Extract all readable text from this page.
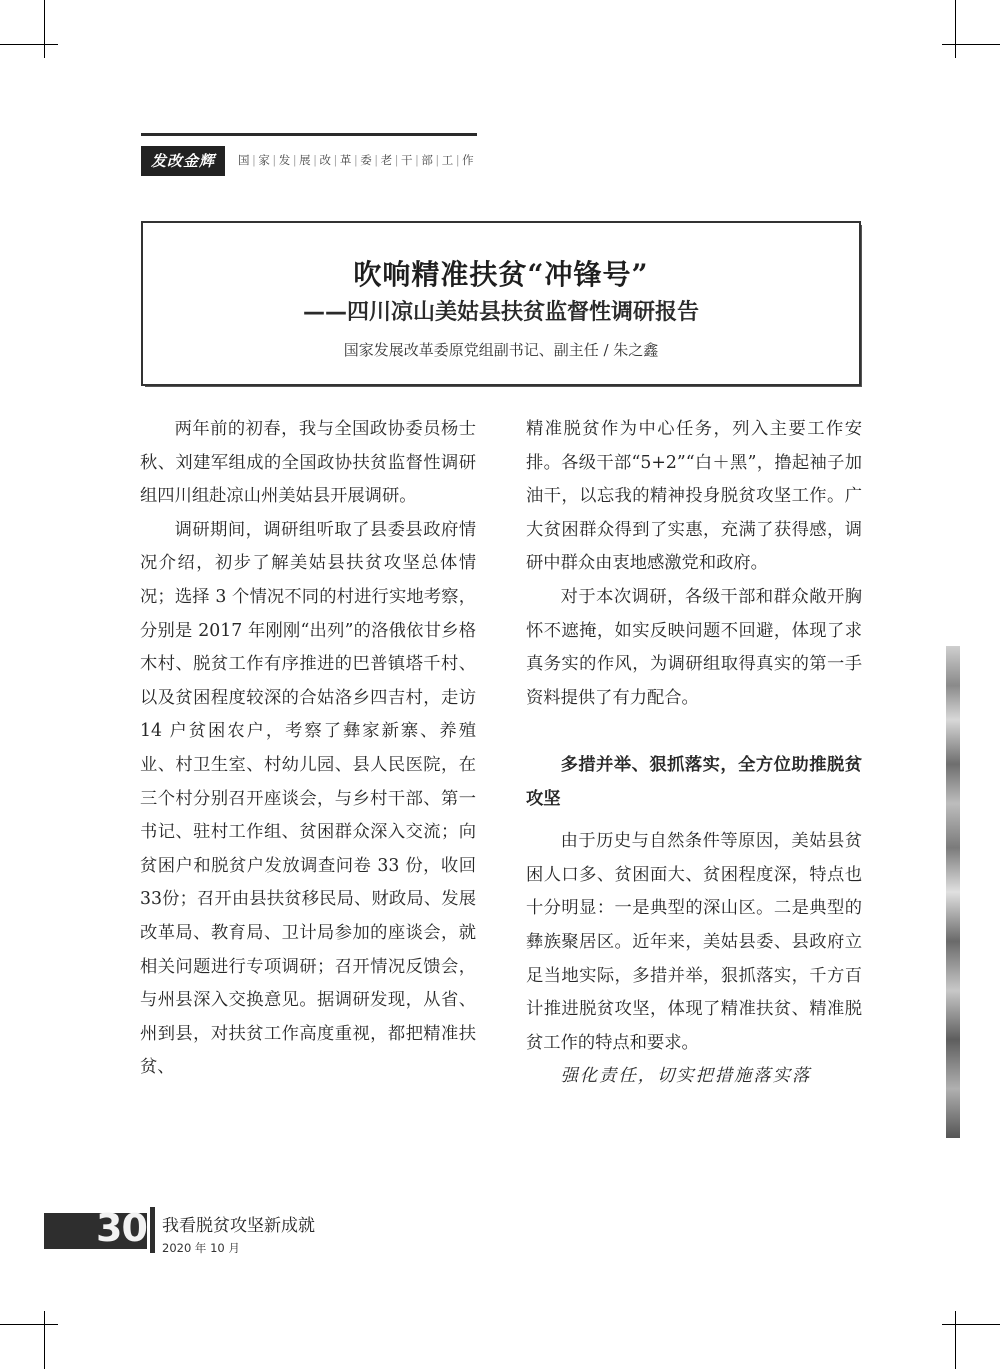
发改金辉	国 | 家 | 发 | 展 | 改 | 革 | 委 | 老 | 干 | 部 | 工 | 作
吹响精准扶贫“冲锋号”
——四川凉山美姑县扶贫监督性调研报告
国家发展改革委原党组副书记、副主任 / 朱之鑫

两年前的初春，我与全国政协委员杨士秋、刘建军组成的全国政协扶贫监督性调研组四川组赴凉山州美姑县开展调研。

调研期间，调研组听取了县委县政府情况介绍，初步了解美姑县扶贫攻坚总体情况；选择 3 个情况不同的村进行实地考察，分别是 2017 年刚刚“出列”的洛俄依甘乡格木村、脱贫工作有序推进的巴普镇塔千村、以及贫困程度较深的合姑洛乡四吉村，走访 14 户贫困农户，考察了彝家新寨、养殖业、村卫生室、村幼儿园、县人民医院，在三个村分别召开座谈会，与乡村干部、第一书记、驻村工作组、贫困群众深入交流；向贫困户和脱贫户发放调查问卷 33 份，收回 33份；召开由县扶贫移民局、财政局、发展改革局、教育局、卫计局参加的座谈会，就相关问题进行专项调研；召开情况反馈会，与州县深入交换意见。据调研发现，从省、州到县，对扶贫工作高度重视，都把精准扶贫、

精准脱贫作为中心任务，列入主要工作安排。各级干部“5+2”“白＋黑”，撸起袖子加油干，以忘我的精神投身脱贫攻坚工作。广大贫困群众得到了实惠，充满了获得感，调研中群众由衷地感激党和政府。

对于本次调研，各级干部和群众敞开胸怀不遮掩，如实反映问题不回避，体现了求真务实的作风，为调研组取得真实的第一手资料提供了有力配合。

多措并举、狠抓落实，全方位助推脱贫攻坚

由于历史与自然条件等原因，美姑县贫困人口多、贫困面大、贫困程度深，特点也十分明显：一是典型的深山区。二是典型的彝族聚居区。近年来，美姑县委、县政府立足当地实际，多措并举，狠抓落实，千方百计推进脱贫攻坚，体现了精准扶贫、精准脱贫工作的特点和要求。

强化责任，切实把措施落实落

30 我看脱贫攻坚新成就
2020 年 10 月
